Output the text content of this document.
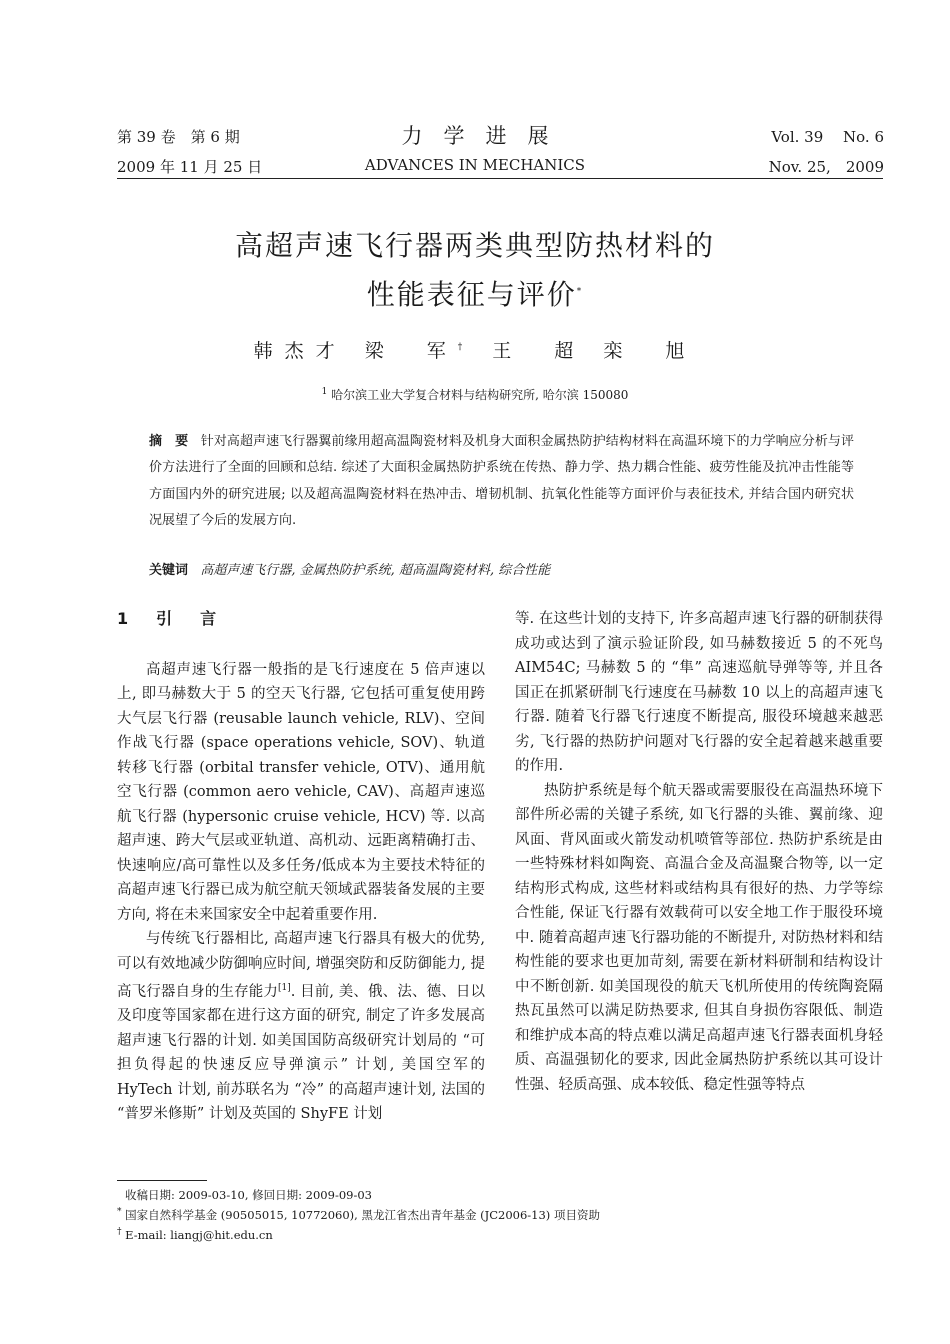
第 39 卷　第 6 期	力　学　进　展	Vol. 39　 No. 6
2009 年 11 月 25 日	ADVANCES IN MECHANICS	Nov. 25,　2009
高超声速飞行器两类典型防热材料的
性能表征与评价*
韩杰才 梁　军† 王　超 栾　旭
$^1$ 哈尔滨工业大学复合材料与结构研究所, 哈尔滨 150080
摘　要 针对高超声速飞行器翼前缘用超高温陶瓷材料及机身大面积金属热防护结构材料在高温环境下的力学响应分析与评价方法进行了全面的回顾和总结. 综述了大面积金属热防护系统在传热、静力学、热力耦合性能、疲劳性能及抗冲击性能等方面国内外的研究进展; 以及超高温陶瓷材料在热冲击、增韧机制、抗氧化性能等方面评价与表征技术, 并结合国内研究状况展望了今后的发展方向.
关键词 高超声速飞行器, 金属热防护系统, 超高温陶瓷材料, 综合性能

1　引　言

高超声速飞行器一般指的是飞行速度在 5 倍声速以上, 即马赫数大于 5 的空天飞行器, 它包括可重复使用跨大气层飞行器 (reusable launch vehicle, RLV)、空间作战飞行器 (space operations vehicle, SOV)、轨道转移飞行器 (orbital transfer vehicle, OTV)、通用航空飞行器 (common aero vehicle, CAV)、高超声速巡航飞行器 (hypersonic cruise vehicle, HCV) 等. 以高超声速、跨大气层或亚轨道、高机动、远距离精确打击、快速响应/高可靠性以及多任务/低成本为主要技术特征的高超声速飞行器已成为航空航天领域武器装备发展的主要方向, 将在未来国家安全中起着重要作用.

与传统飞行器相比, 高超声速飞行器具有极大的优势, 可以有效地减少防御响应时间, 增强突防和反防御能力, 提高飞行器自身的生存能力[1]. 目前, 美、俄、法、德、日以及印度等国家都在进行这方面的研究, 制定了许多发展高超声速飞行器的计划. 如美国国防高级研究计划局的 “可担负得起的快速反应导弹演示” 计划, 美国空军的 HyTech 计划, 前苏联名为 “冷” 的高超声速计划, 法国的 “普罗米修斯” 计划及英国的 ShyFE 计划

等. 在这些计划的支持下, 许多高超声速飞行器的研制获得成功或达到了演示验证阶段, 如马赫数接近 5 的不死鸟 AIM54C; 马赫数 5 的 “隼” 高速巡航导弹等等, 并且各国正在抓紧研制飞行速度在马赫数 10 以上的高超声速飞行器. 随着飞行器飞行速度不断提高, 服役环境越来越恶劣, 飞行器的热防护问题对飞行器的安全起着越来越重要的作用.

热防护系统是每个航天器或需要服役在高温热环境下部件所必需的关键子系统, 如飞行器的头锥、翼前缘、迎风面、背风面或火箭发动机喷管等部位. 热防护系统是由一些特殊材料如陶瓷、高温合金及高温聚合物等, 以一定结构形式构成, 这些材料或结构具有很好的热、力学等综合性能, 保证飞行器有效载荷可以安全地工作于服役环境中. 随着高超声速飞行器功能的不断提升, 对防热材料和结构性能的要求也更加苛刻, 需要在新材料研制和结构设计中不断创新. 如美国现役的航天飞机所使用的传统陶瓷隔热瓦虽然可以满足防热要求, 但其自身损伤容限低、制造和维护成本高的特点难以满足高超声速飞行器表面机身轻质、高温强韧化的要求, 因此金属热防护系统以其可设计性强、轻质高强、成本较低、稳定性强等特点

收稿日期: 2009-03-10, 修回日期: 2009-09-03
* 国家自然科学基金 (90505015, 10772060), 黑龙江省杰出青年基金 (JC2006-13) 项目资助
† E-mail: liangj@hit.edu.cn
